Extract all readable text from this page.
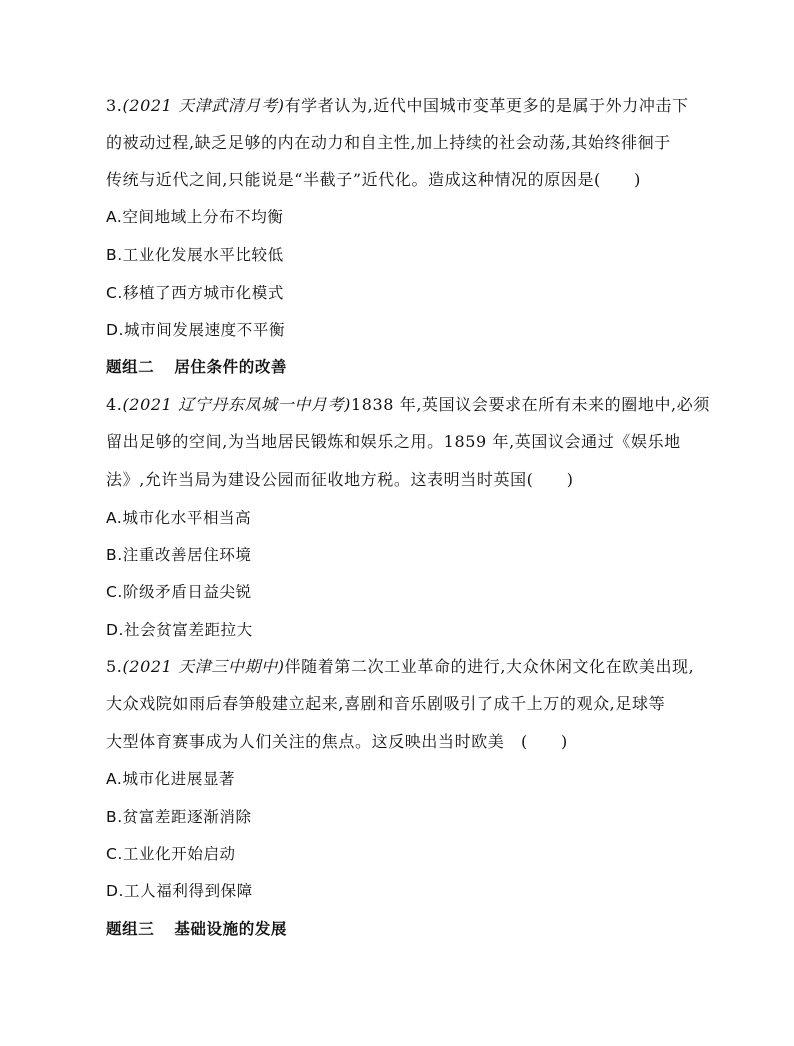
3.(2021 天津武清月考)有学者认为,近代中国城市变革更多的是属于外力冲击下
的被动过程,缺乏足够的内在动力和自主性,加上持续的社会动荡,其始终徘徊于
传统与近代之间,只能说是“半截子”近代化。造成这种情况的原因是(　　)
A.空间地域上分布不均衡
B.工业化发展水平比较低
C.移植了西方城市化模式
D.城市间发展速度不平衡
题组二 居住条件的改善
4.(2021 辽宁丹东凤城一中月考)1838 年,英国议会要求在所有未来的圈地中,必须
留出足够的空间,为当地居民锻炼和娱乐之用。1859 年,英国议会通过《娱乐地
法》,允许当局为建设公园而征收地方税。这表明当时英国(　　)
A.城市化水平相当高
B.注重改善居住环境
C.阶级矛盾日益尖锐
D.社会贫富差距拉大
5.(2021 天津三中期中)伴随着第二次工业革命的进行,大众休闲文化在欧美出现,
大众戏院如雨后春笋般建立起来,喜剧和音乐剧吸引了成千上万的观众,足球等
大型体育赛事成为人们关注的焦点。这反映出当时欧美　(　　)
A.城市化进展显著
B.贫富差距逐渐消除
C.工业化开始启动
D.工人福利得到保障
题组三 基础设施的发展
